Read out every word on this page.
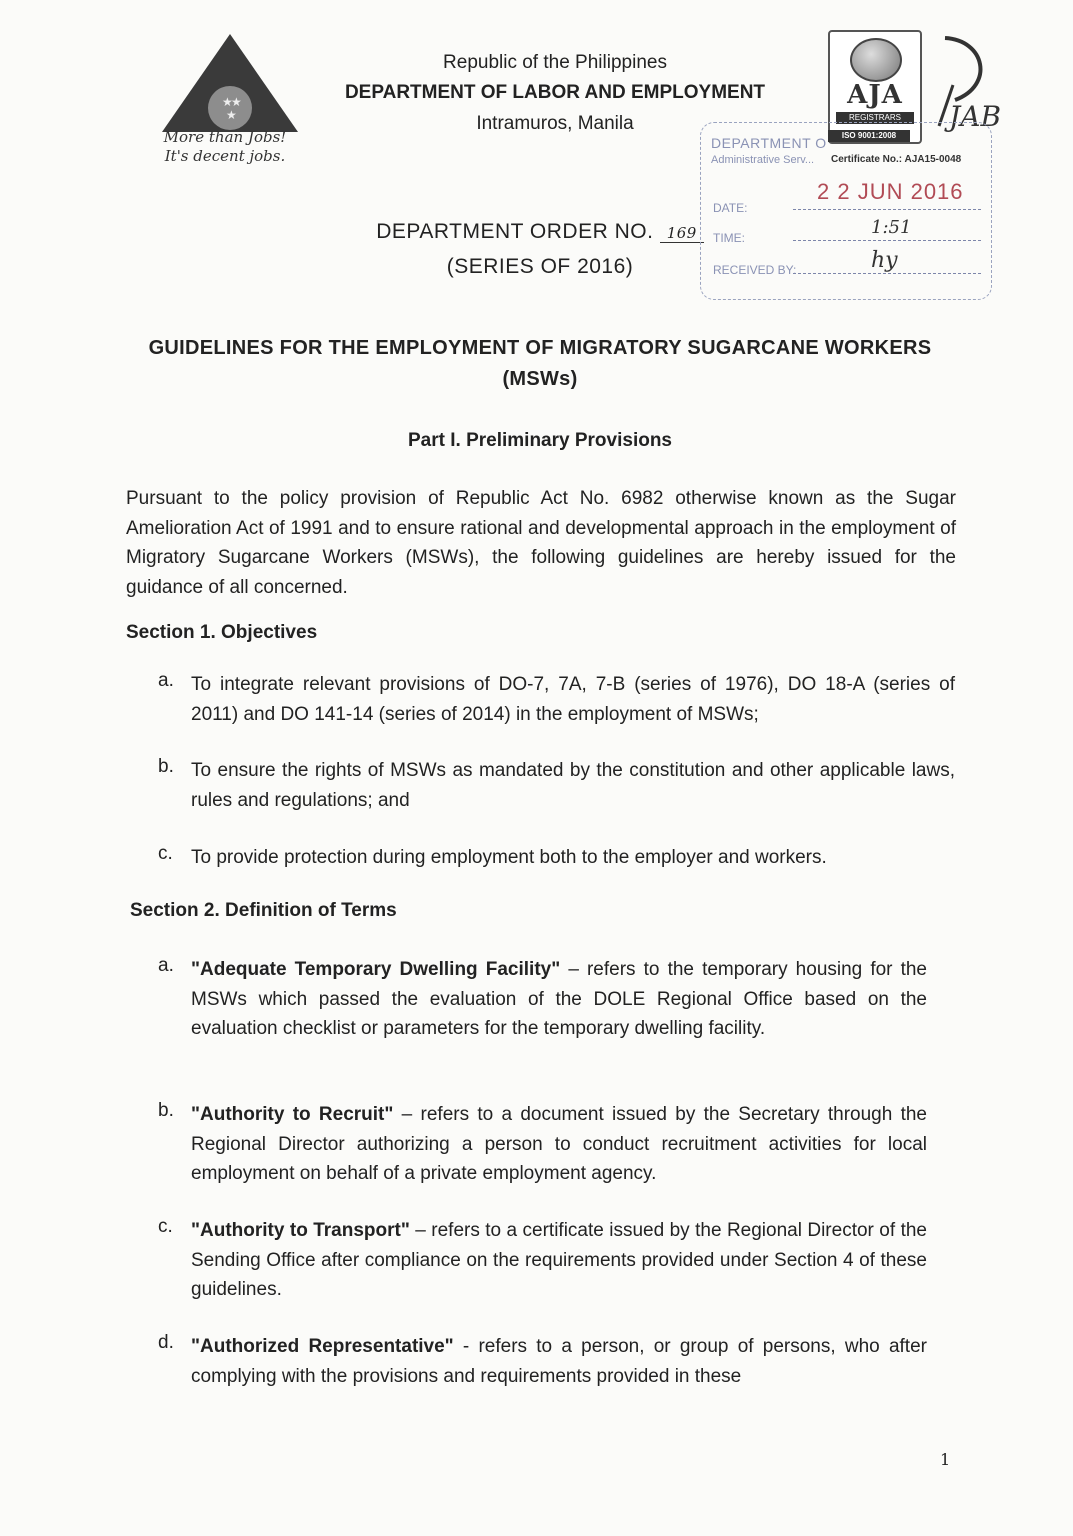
★
★
★
More than Jobs!
It's decent jobs.
Republic of the Philippines
DEPARTMENT OF LABOR AND EMPLOYMENT
Intramuros, Manila
DEPARTMENT ORDER NO. 169
(SERIES OF 2016)
AJA
REGISTRARS
ISO 9001:2008
JAB
DEPARTMENT O
Administrative Serv... Certificate No.: AJA15-0048
2 2 JUN 2016
DATE:
1:51
TIME:
hy
RECEIVED BY:
GUIDELINES FOR THE EMPLOYMENT OF MIGRATORY SUGARCANE WORKERS
(MSWs)
Part I. Preliminary Provisions
Pursuant to the policy provision of Republic Act No. 6982 otherwise known as the Sugar Amelioration Act of 1991 and to ensure rational and developmental approach in the employment of Migratory Sugarcane Workers (MSWs), the following guidelines are hereby issued for the guidance of all concerned.
Section 1. Objectives
a. To integrate relevant provisions of DO-7, 7A, 7-B (series of 1976), DO 18-A (series of 2011) and DO 141-14 (series of 2014) in the employment of MSWs;
b. To ensure the rights of MSWs as mandated by the constitution and other applicable laws, rules and regulations; and
c. To provide protection during employment both to the employer and workers.
Section 2. Definition of Terms
a. "Adequate Temporary Dwelling Facility" – refers to the temporary housing for the MSWs which passed the evaluation of the DOLE Regional Office based on the evaluation checklist or parameters for the temporary dwelling facility.
b. "Authority to Recruit" – refers to a document issued by the Secretary through the Regional Director authorizing a person to conduct recruitment activities for local employment on behalf of a private employment agency.
c. "Authority to Transport" – refers to a certificate issued by the Regional Director of the Sending Office after compliance on the requirements provided under Section 4 of these guidelines.
d. "Authorized Representative" - refers to a person, or group of persons, who after complying with the provisions and requirements provided in these
1
